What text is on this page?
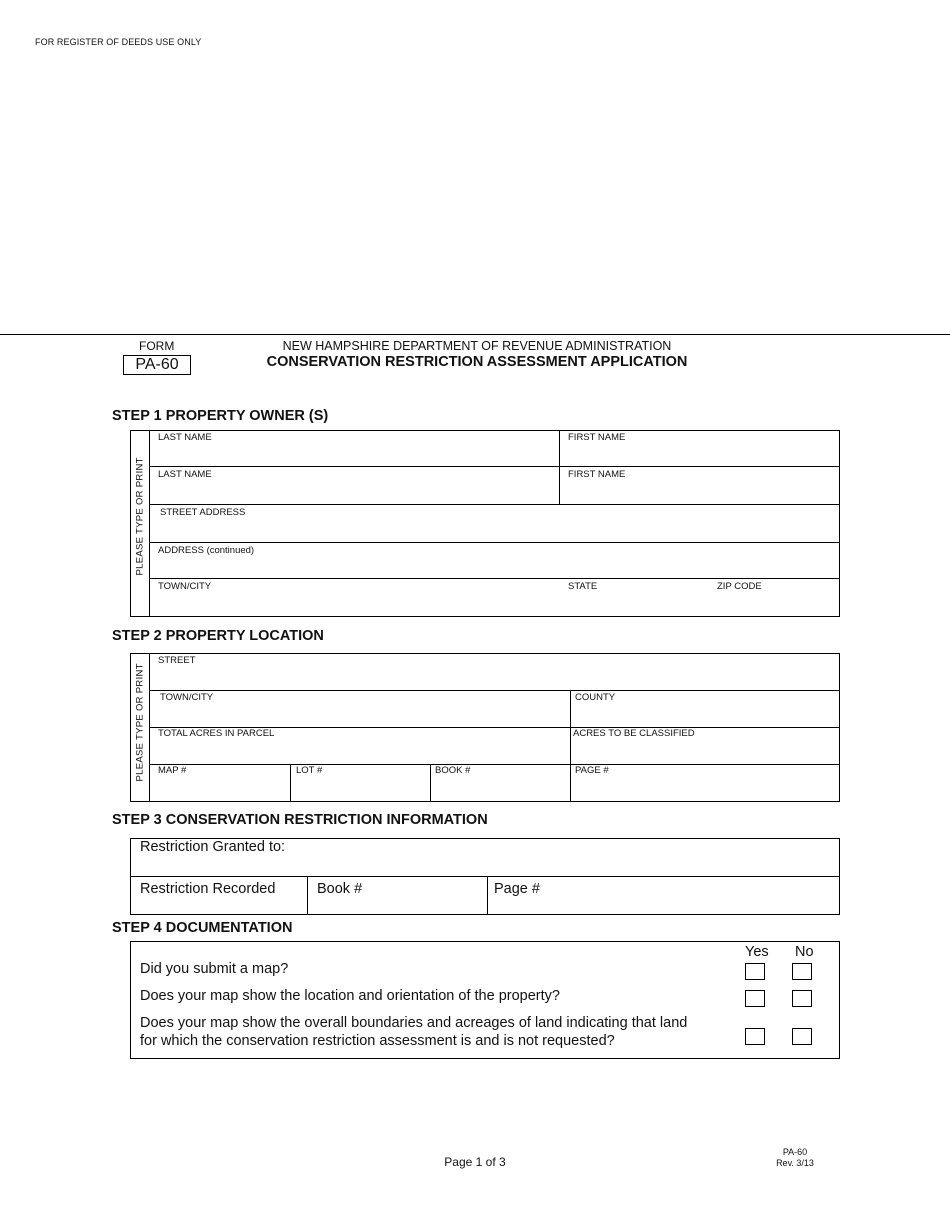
FOR REGISTER OF DEEDS USE ONLY
FORM
PA-60
NEW HAMPSHIRE DEPARTMENT OF REVENUE ADMINISTRATION
CONSERVATION RESTRICTION ASSESSMENT APPLICATION
STEP 1 PROPERTY OWNER (S)
PLEASE TYPE OR PRINT
LAST NAME	FIRST NAME
LAST NAME	FIRST NAME
STREET ADDRESS
ADDRESS (continued)
TOWN/CITY	STATE	ZIP CODE
STEP 2 PROPERTY LOCATION
PLEASE TYPE OR PRINT
STREET
TOWN/CITY	COUNTY
TOTAL ACRES IN PARCEL	ACRES TO BE CLASSIFIED
MAP #	LOT #	BOOK #	PAGE #
STEP 3 CONSERVATION RESTRICTION INFORMATION
Restriction Granted to:
Restriction Recorded	Book #	Page #
STEP 4 DOCUMENTATION
Yes No
Did you submit a map?
Does your map show the location and orientation of the property?
Does your map show the overall boundaries and acreages of land indicating that land
for which the conservation restriction assessment is and is not requested?
Page 1 of 3
PA-60
Rev. 3/13
